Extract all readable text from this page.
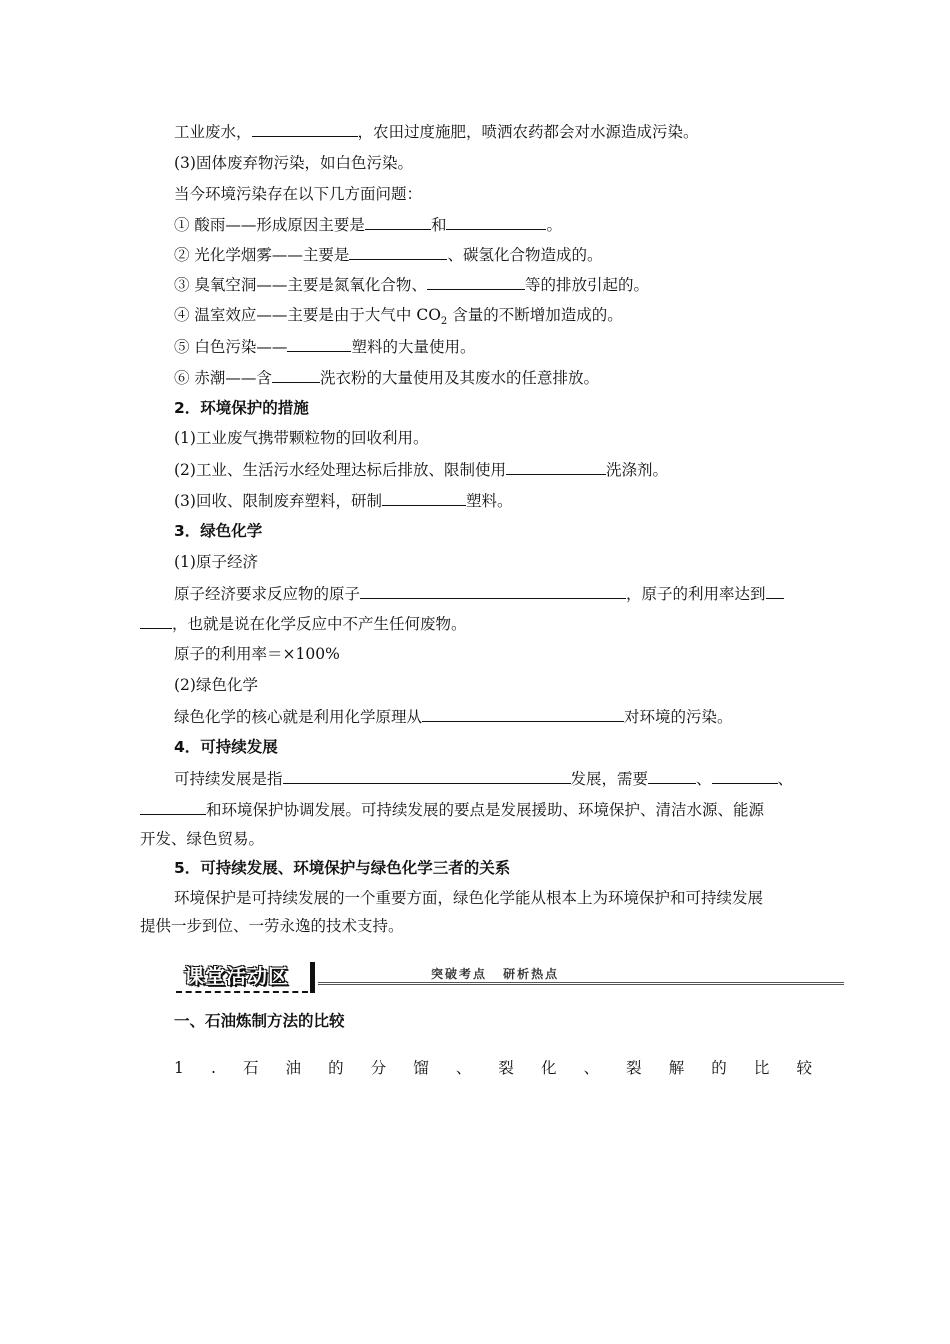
工业废水，	，农田过度施肥，喷洒农药都会对水源造成污染。
(3)固体废弃物污染，如白色污染。
当今环境污染存在以下几方面问题：
① 酸雨——形成原因主要是	和	。
② 光化学烟雾——主要是	、碳氢化合物造成的。
③ 臭氧空洞——主要是氮氧化合物、	等的排放引起的。
④ 温室效应——主要是由于大气中 $CO_2$ 含量的不断增加造成的。
⑤ 白色污染——	塑料的大量使用。
⑥ 赤潮——含	洗衣粉的大量使用及其废水的任意排放。
2．环境保护的措施
(1)工业废气携带颗粒物的回收利用。
(2)工业、生活污水经处理达标后排放、限制使用	洗涤剂。
(3)回收、限制废弃塑料，研制	塑料。
3．绿色化学
(1)原子经济
原子经济要求反应物的原子	，原子的利用率达到
，也就是说在化学反应中不产生任何废物。
原子的利用率＝×100%
(2)绿色化学
绿色化学的核心就是利用化学原理从	对环境的污染。
4．可持续发展
可持续发展是指	发展，需要	、	、
和环境保护协调发展。可持续发展的要点是发展援助、环境保护、清洁水源、能源
开发、绿色贸易。
5．可持续发展、环境保护与绿色化学三者的关系
环境保护是可持续发展的一个重要方面，绿色化学能从根本上为环境保护和可持续发展
提供一步到位、一劳永逸的技术支持。
课堂活动区	突破考点 研析热点
一、石油炼制方法的比较
1 . 石 油 的 分 馏 、 裂 化 、 裂 解 的 比 较
